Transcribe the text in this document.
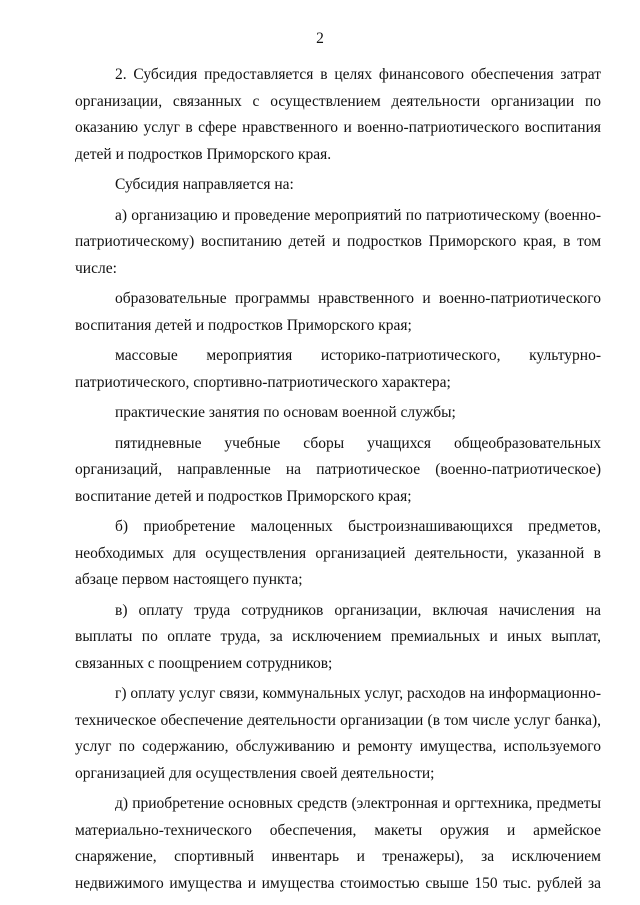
2

2. Субсидия предоставляется в целях финансового обеспечения затрат организации, связанных с осуществлением деятельности организации по оказанию услуг в сфере нравственного и военно-патриотического воспитания детей и подростков Приморского края.

Субсидия направляется на:

а) организацию и проведение мероприятий по патриотическому (военно-патриотическому) воспитанию детей и подростков Приморского края, в том числе:

образовательные программы нравственного и военно-патриотического воспитания детей и подростков Приморского края;

массовые мероприятия историко-патриотического, культурно-патриотического, спортивно-патриотического характера;

практические занятия по основам военной службы;

пятидневные учебные сборы учащихся общеобразовательных организаций, направленные на патриотическое (военно-патриотическое) воспитание детей и подростков Приморского края;

б) приобретение малоценных быстроизнашивающихся предметов, необходимых для осуществления организацией деятельности, указанной в абзаце первом настоящего пункта;

в) оплату труда сотрудников организации, включая начисления на выплаты по оплате труда, за исключением премиальных и иных выплат, связанных с поощрением сотрудников;

г) оплату услуг связи, коммунальных услуг, расходов на информационно-техническое обеспечение деятельности организации (в том числе услуг банка), услуг по содержанию, обслуживанию и ремонту имущества, используемого организацией для осуществления своей деятельности;

д) приобретение основных средств (электронная и оргтехника, предметы материально-технического обеспечения, макеты оружия и армейское снаряжение, спортивный инвентарь и тренажеры), за исключением недвижимого имущества и имущества стоимостью свыше 150 тыс. рублей за
